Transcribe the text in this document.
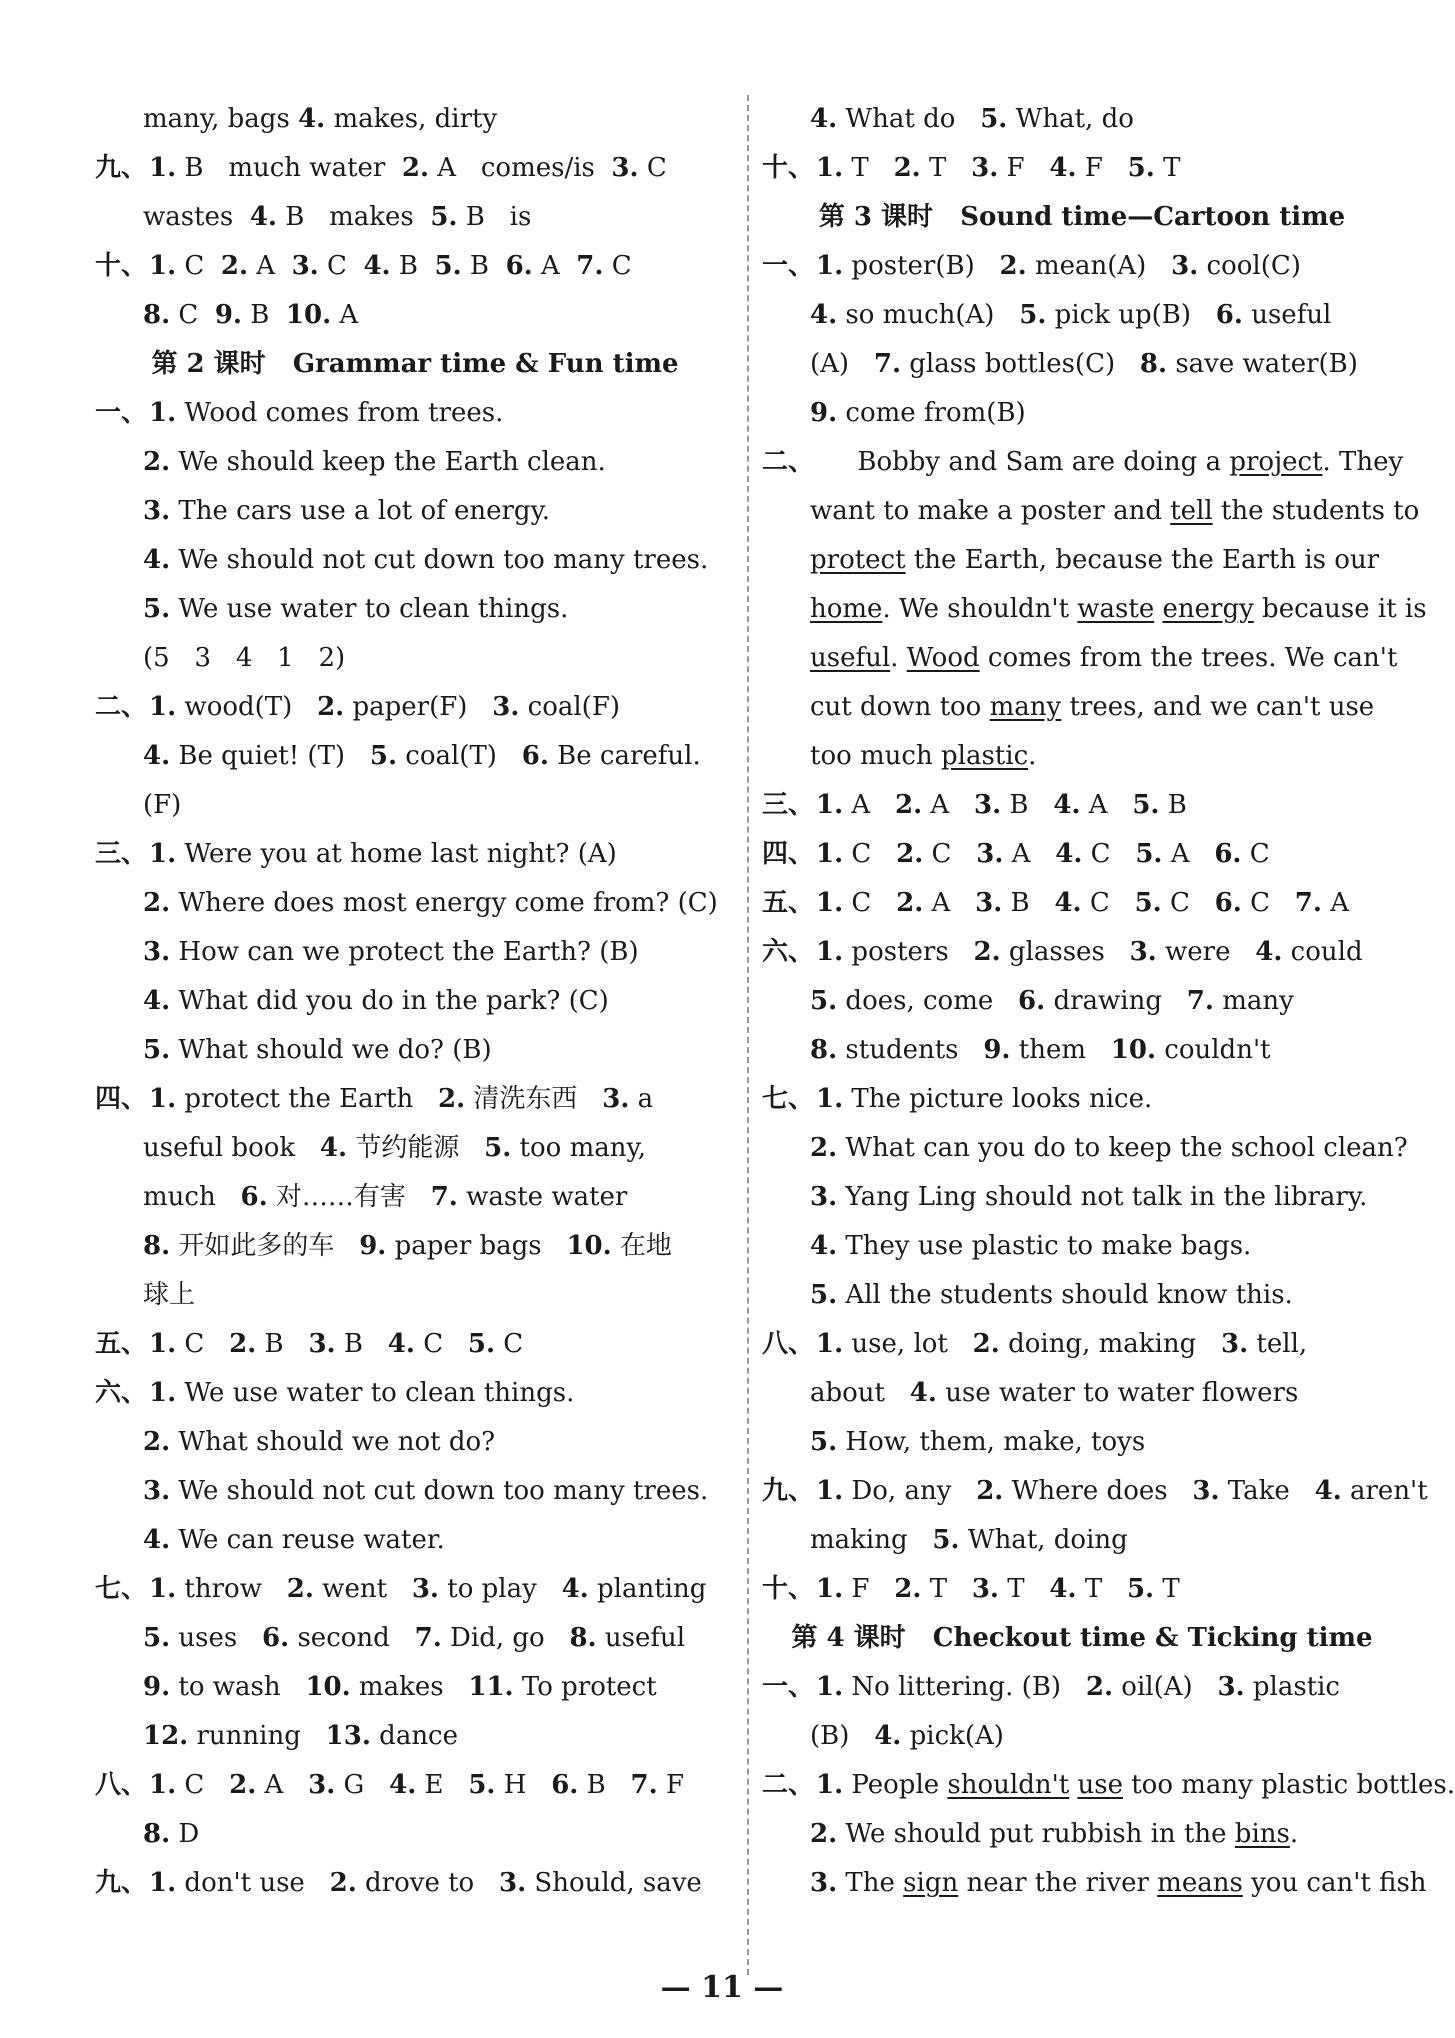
many, bags 4. makes, dirty
九、1. B   much water  2. A   comes/is  3. C
wastes  4. B   makes  5. B   is
十、1. C  2. A  3. C  4. B  5. B  6. A  7. C
8. C  9. B  10. A
第 2 课时   Grammar time & Fun time
一、1. Wood comes from trees.
2. We should keep the Earth clean.
3. The cars use a lot of energy.
4. We should not cut down too many trees.
5. We use water to clean things.
(5   3   4   1   2)
二、1. wood(T)   2. paper(F)   3. coal(F)
4. Be quiet! (T)   5. coal(T)   6. Be careful.
(F)
三、1. Were you at home last night? (A)
2. Where does most energy come from? (C)
3. How can we protect the Earth? (B)
4. What did you do in the park? (C)
5. What should we do? (B)
四、1. protect the Earth   2. 清洗东西   3. a
useful book   4. 节约能源   5. too many,
much   6. 对……有害   7. waste water
8. 开如此多的车   9. paper bags   10. 在地
球上
五、1. C   2. B   3. B   4. C   5. C
六、1. We use water to clean things.
2. What should we not do?
3. We should not cut down too many trees.
4. We can reuse water.
七、1. throw   2. went   3. to play   4. planting
5. uses   6. second   7. Did, go   8. useful
9. to wash   10. makes   11. To protect
12. running   13. dance
八、1. C   2. A   3. G   4. E   5. H   6. B   7. F
8. D
九、1. don't use   2. drove to   3. Should, save
4. What do   5. What, do
十、1. T   2. T   3. F   4. F   5. T
第 3 课时   Sound time—Cartoon time
一、1. poster(B)   2. mean(A)   3. cool(C)
4. so much(A)   5. pick up(B)   6. useful
(A)   7. glass bottles(C)   8. save water(B)
9. come from(B)
二、     Bobby and Sam are doing a project. They
want to make a poster and tell the students to
protect the Earth, because the Earth is our
home. We shouldn't waste energy because it is
useful. Wood comes from the trees. We can't
cut down too many trees, and we can't use
too much plastic.
三、1. A   2. A   3. B   4. A   5. B
四、1. C   2. C   3. A   4. C   5. A   6. C
五、1. C   2. A   3. B   4. C   5. C   6. C   7. A
六、1. posters   2. glasses   3. were   4. could
5. does, come   6. drawing   7. many
8. students   9. them   10. couldn't
七、1. The picture looks nice.
2. What can you do to keep the school clean?
3. Yang Ling should not talk in the library.
4. They use plastic to make bags.
5. All the students should know this.
八、1. use, lot   2. doing, making   3. tell,
about   4. use water to water flowers
5. How, them, make, toys
九、1. Do, any   2. Where does   3. Take   4. aren't
making   5. What, doing
十、1. F   2. T   3. T   4. T   5. T
第 4 课时   Checkout time & Ticking time
一、1. No littering. (B)   2. oil(A)   3. plastic
(B)   4. pick(A)
二、1. People shouldn't use too many plastic bottles.
2. We should put rubbish in the bins.
3. The sign near the river means you can't fish
— 11 —
